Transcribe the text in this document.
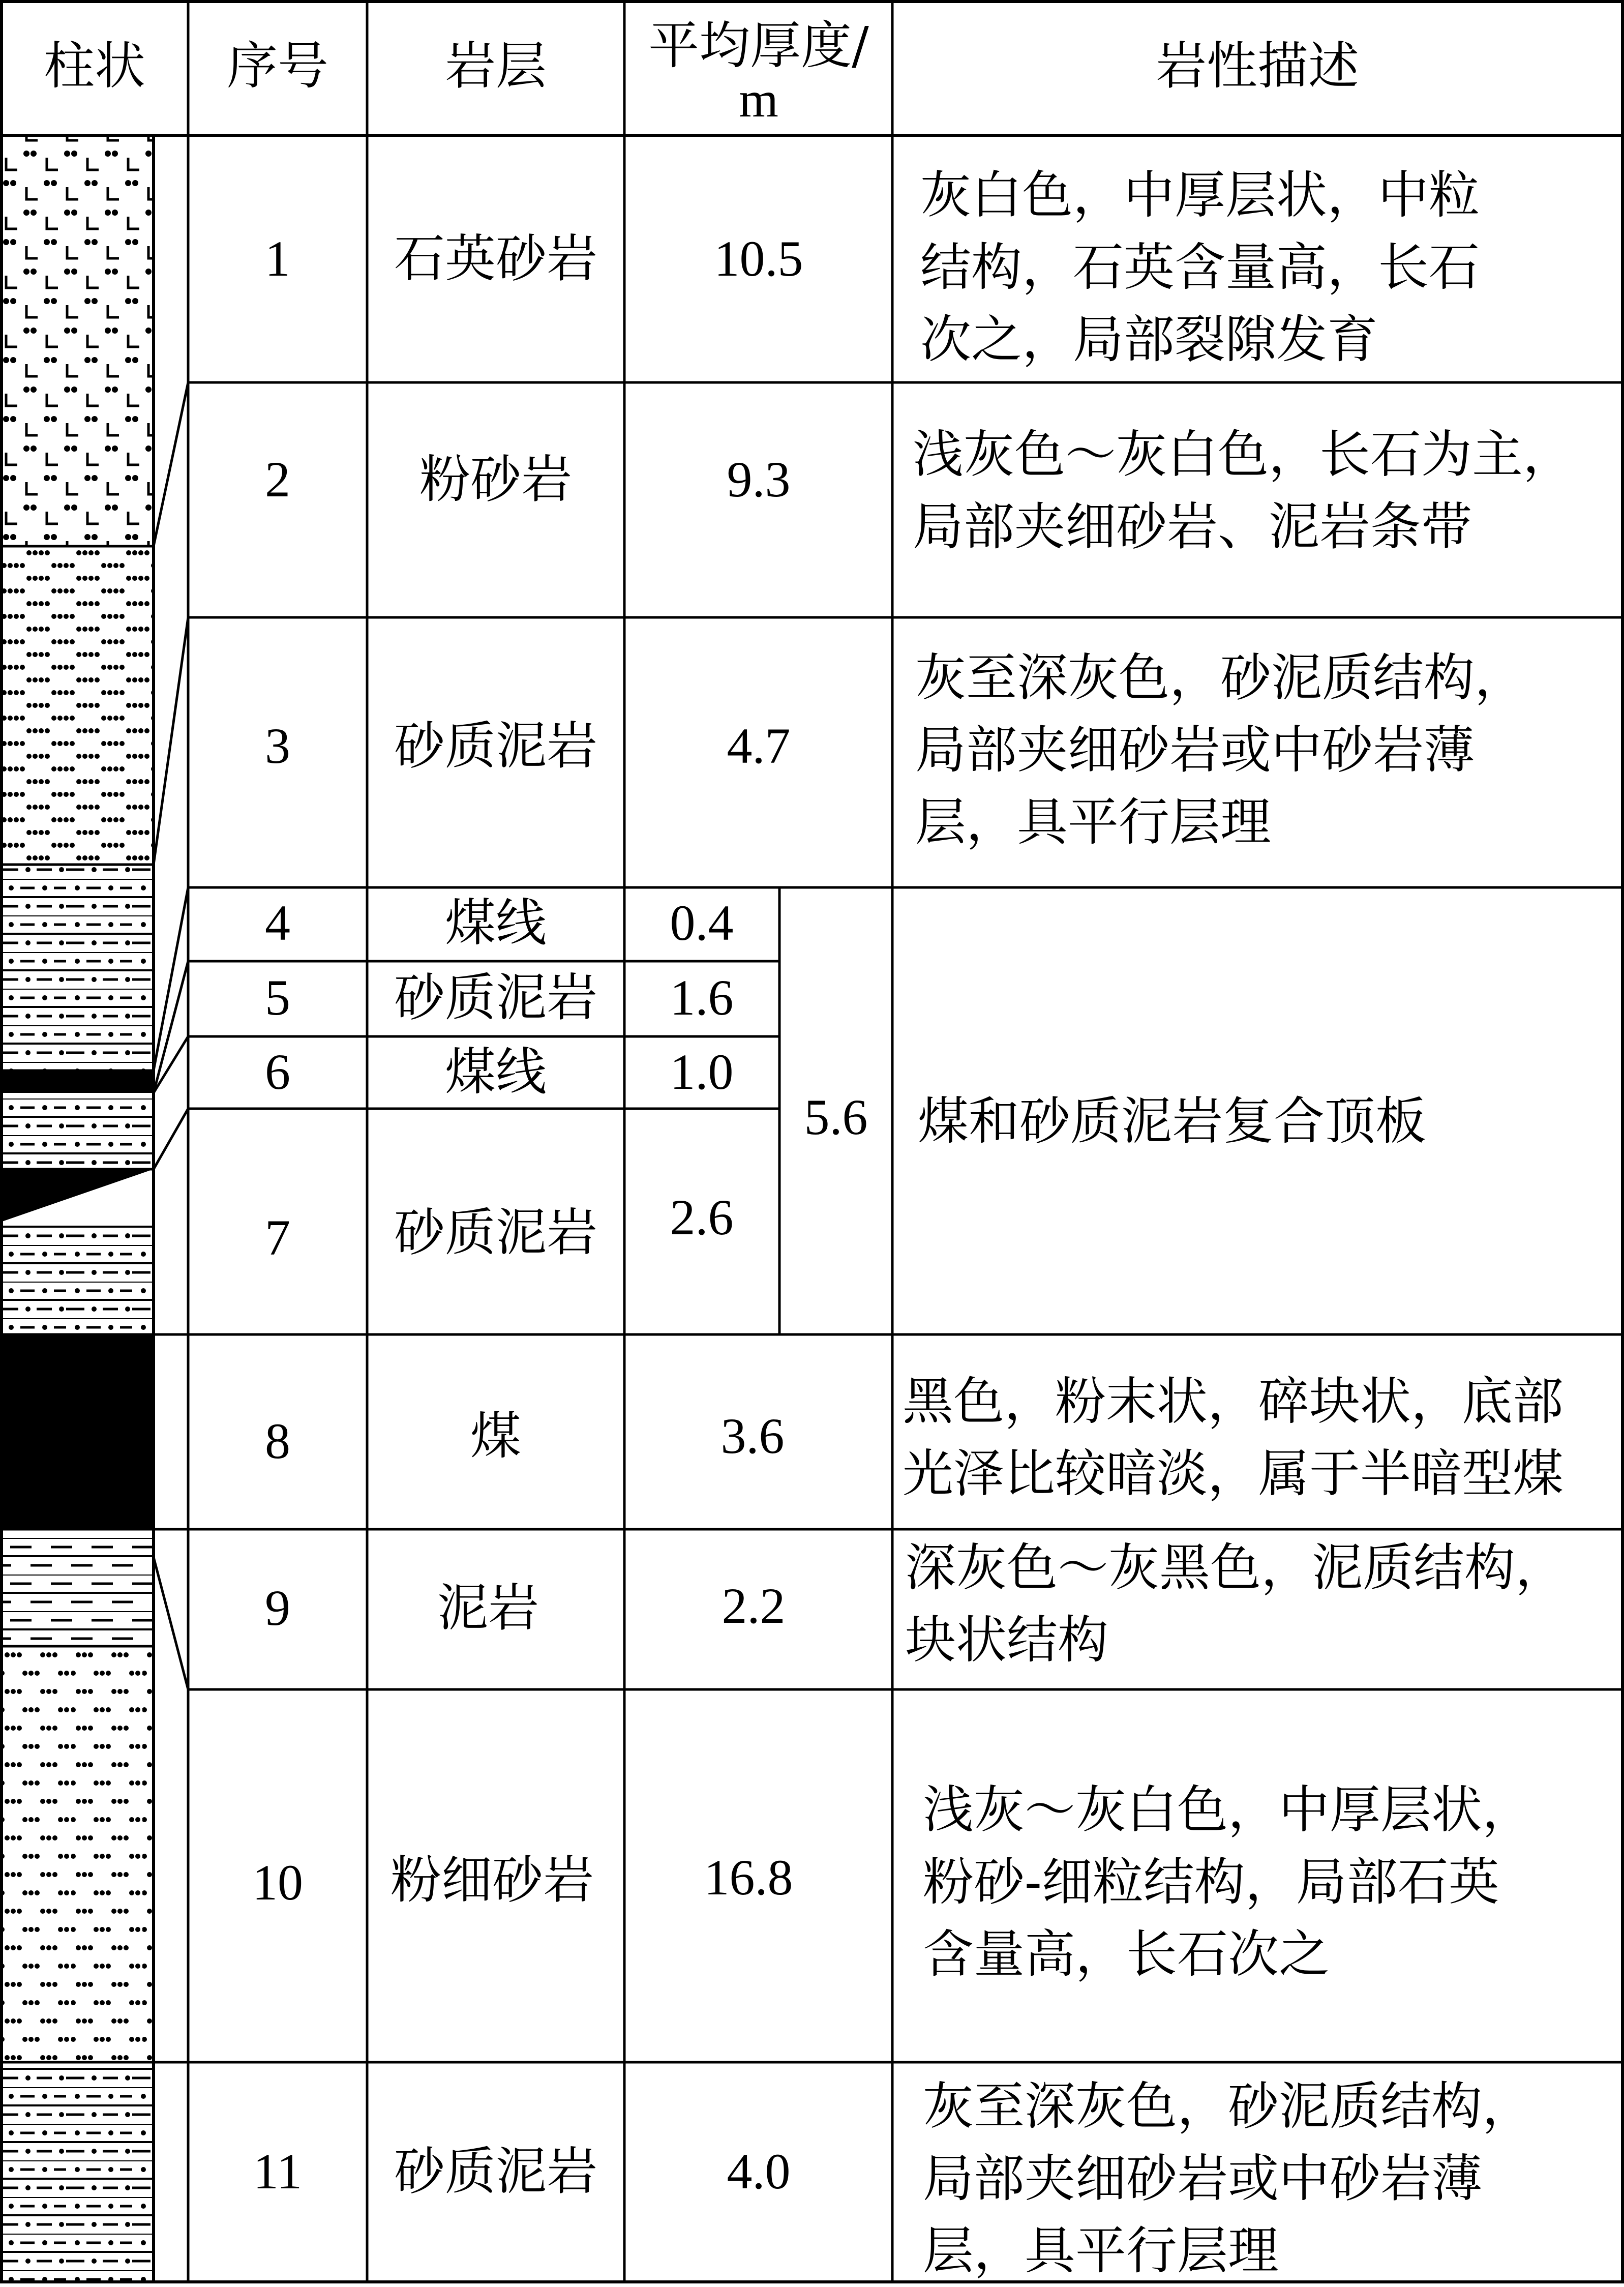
柱状 序号 岩层 平均厚度/
m
岩性描述
1 石英砂岩 10.5
灰白色，中厚层状，中粒
结构，石英含量高，长石
次之，局部裂隙发育
2	粉砂岩	9.3 浅灰色～灰白色，长石为主，
局部夹细砂岩、泥岩条带
3 砂质泥岩	4.7
灰至深灰色，砂泥质结构，
局部夹细砂岩或中砂岩薄
层，具平行层理
4	煤线 0.4
5 砂质泥岩 1.6
6	煤线 1.0
7 砂质泥岩 2.6
5.6 煤和砂质泥岩复合顶板
8	煤	3.6
黑色，粉末状，碎块状，底部
光泽比较暗淡，属于半暗型煤
9	泥岩	2.2
深灰色～灰黑色，泥质结构，
块状结构
10 粉细砂岩 16.8
浅灰～灰白色，中厚层状，
粉砂-细粒结构，局部石英
含量高，长石次之
11 砂质泥岩	4.0
灰至深灰色，砂泥质结构，
局部夹细砂岩或中砂岩薄
层，具平行层理
